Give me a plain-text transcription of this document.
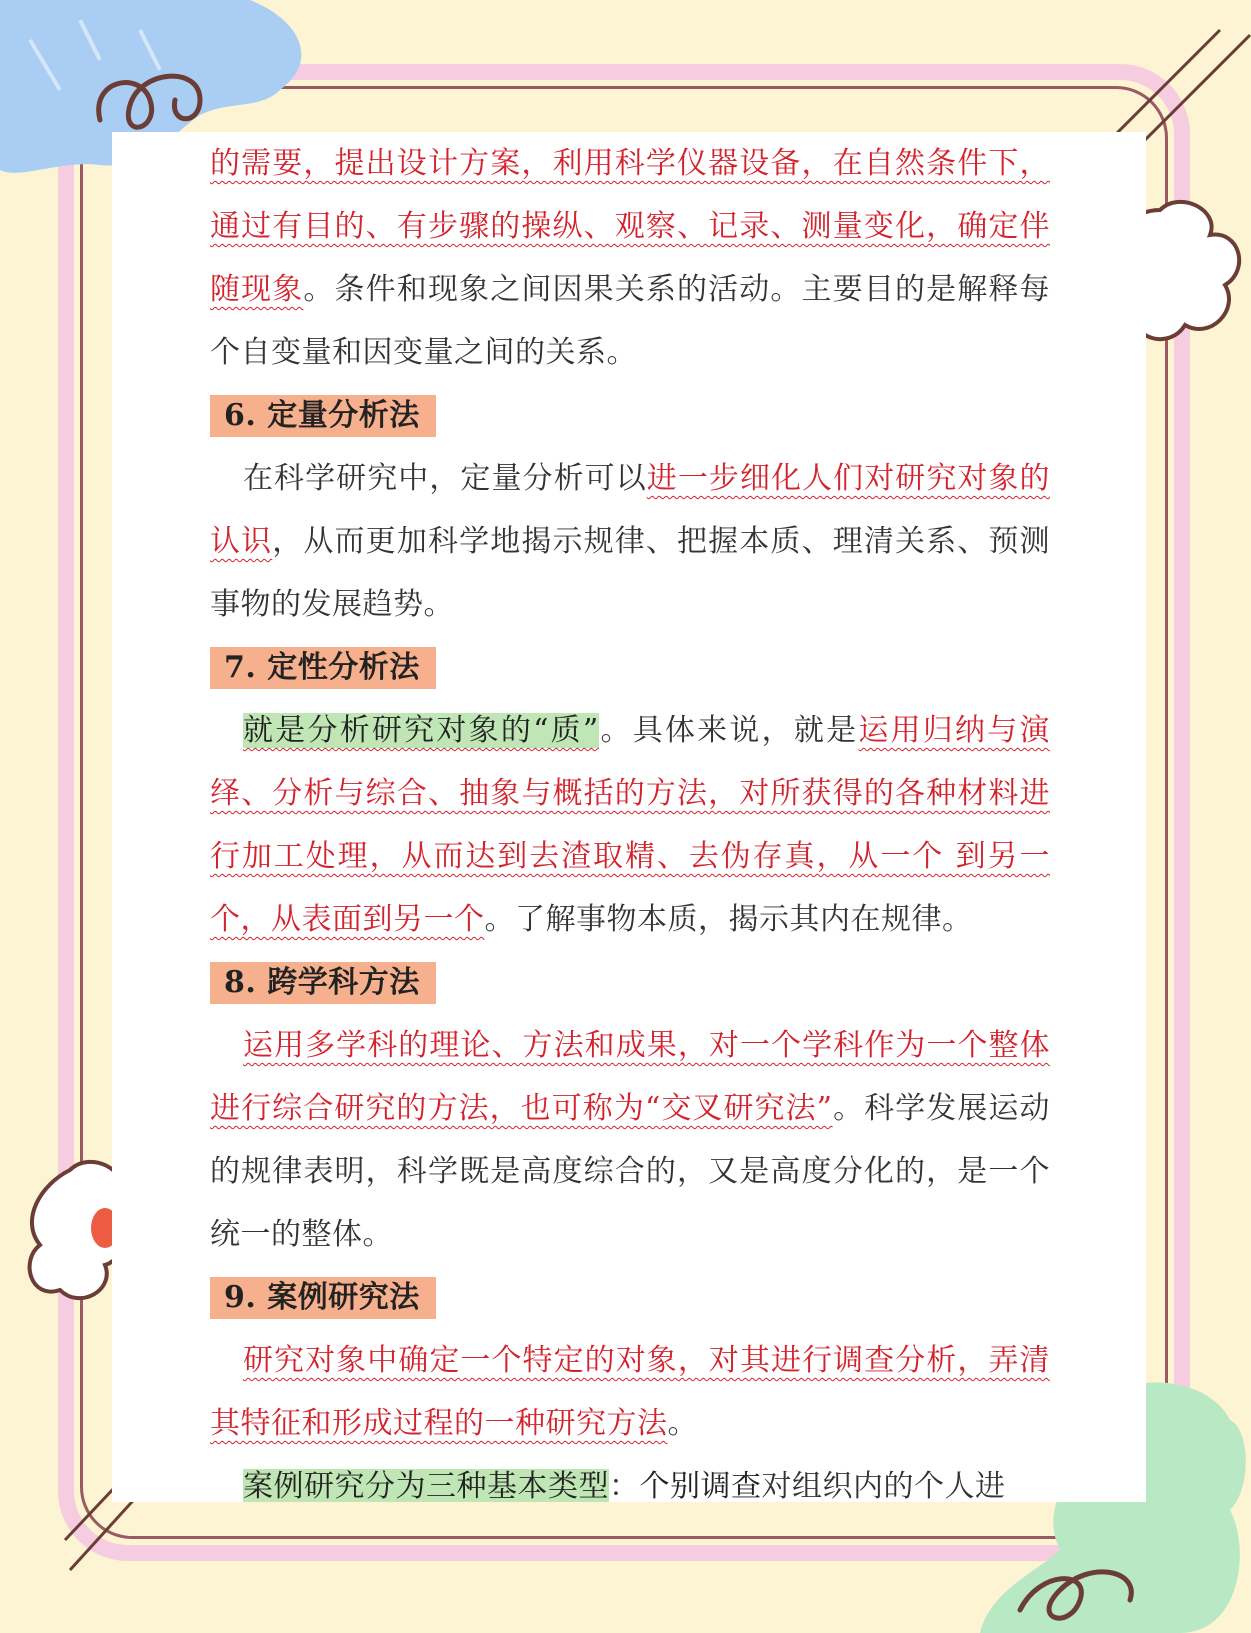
的需要，提出设计方案，利用科学仪器设备，在自然条件下，通过有目的、有步骤的操纵、观察、记录、测量变化，确定伴随现象。条件和现象之间因果关系的活动。主要目的是解释每个自变量和因变量之间的关系。

6. 定量分析法

在科学研究中，定量分析可以进一步细化人们对研究对象的认识，从而更加科学地揭示规律、把握本质、理清关系、预测事物的发展趋势。

7. 定性分析法

就是分析研究对象的“质”。具体来说，就是运用归纳与演绎、分析与综合、抽象与概括的方法，对所获得的各种材料进行加工处理，从而达到去渣取精、去伪存真，从一个 到另一个，从表面到另一个。了解事物本质，揭示其内在规律。

8. 跨学科方法

运用多学科的理论、方法和成果，对一个学科作为一个整体进行综合研究的方法，也可称为“交叉研究法”。科学发展运动的规律表明，科学既是高度综合的，又是高度分化的，是一个统一的整体。

9. 案例研究法

研究对象中确定一个特定的对象，对其进行调查分析，弄清其特征和形成过程的一种研究方法。

案例研究分为三种基本类型：个别调查对组织内的个人进
